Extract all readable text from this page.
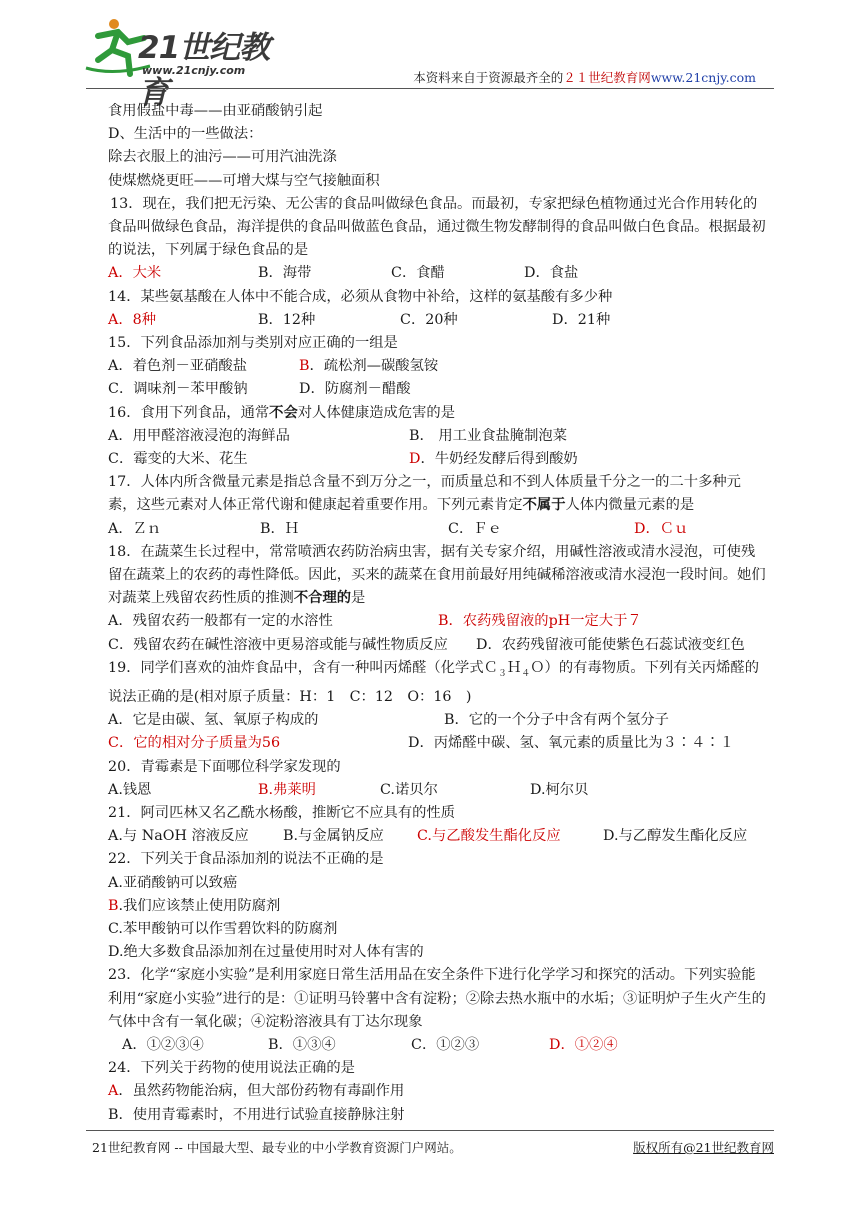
21世纪教育
www.21cnjy.com	本资料来自于资源最齐全的２１世纪教育网www.21cnjy.com

食用假盐中毒——由亚硝酸钠引起

D、生活中的一些做法：

除去衣服上的油污——可用汽油洗涤

使煤燃烧更旺——可增大煤与空气接触面积

13．现在，我们把无污染、无公害的食品叫做绿色食品。而最初，专家把绿色植物通过光合作用转化的食品叫做绿色食品，海洋提供的食品叫做蓝色食品，通过微生物发酵制得的食品叫做白色食品。根据最初的说法，下列属于绿色食品的是

A．大米	B．海带	C．食醋	D．食盐

14．某些氨基酸在人体中不能合成，必须从食物中补给，这样的氨基酸有多少种

A．8种	B．12种	C．20种	D．21种

15．下列食品添加剂与类别对应正确的一组是

A．着色剂－亚硝酸盐	B．疏松剂—碳酸氢铵
C．调味剂－苯甲酸钠	D．防腐剂－醋酸

16．食用下列食品，通常不会对人体健康造成危害的是

A．用甲醛溶液浸泡的海鲜品	B． 用工业食盐腌制泡菜
C．霉变的大米、花生	D．牛奶经发酵后得到酸奶

17．人体内所含微量元素是指总含量不到万分之一，而质量总和不到人体质量千分之一的二十多种元素，这些元素对人体正常代谢和健康起着重要作用。下列元素肯定不属于人体内微量元素的是

A．Ｚｎ	B．Ｈ	C．Ｆｅ	D．Ｃｕ

18．在蔬菜生长过程中，常常喷洒农药防治病虫害，据有关专家介绍，用碱性溶液或清水浸泡，可使残留在蔬菜上的农药的毒性降低。因此，买来的蔬菜在食用前最好用纯碱稀溶液或清水浸泡一段时间。她们对蔬菜上残留农药性质的推测不合理的是

A．残留农药一般都有一定的水溶性	B．农药残留液的pH一定大于７
C．残留农药在碱性溶液中更易溶或能与碱性物质反应	D．农药残留液可能使紫色石蕊试液变红色

19．同学们喜欢的油炸食品中，含有一种叫丙烯醛（化学式Ｃ$_3$Ｈ$_4$Ｏ）的有毒物质。下列有关丙烯醛的说法正确的是(相对原子质量：H：1　C：12　O：16　)

A．它是由碳、氢、氧原子构成的	B．它的一个分子中含有两个氢分子
C．它的相对分子质量为56	D．丙烯醛中碳、氢、氧元素的质量比为３∶４∶１

20．青霉素是下面哪位科学家发现的

A.钱恩	B.弗莱明	C.诺贝尔	D.柯尔贝

21．阿司匹林又名乙酰水杨酸，推断它不应具有的性质

A.与 NaOH 溶液反应	B.与金属钠反应	C.与乙酸发生酯化反应	D.与乙醇发生酯化反应

22．下列关于食品添加剂的说法不正确的是

A.亚硝酸钠可以致癌

B.我们应该禁止使用防腐剂

C.苯甲酸钠可以作雪碧饮料的防腐剂

D.绝大多数食品添加剂在过量使用时对人体有害的

23．化学“家庭小实验”是利用家庭日常生活用品在安全条件下进行化学学习和探究的活动。下列实验能利用“家庭小实验”进行的是：①证明马铃薯中含有淀粉；②除去热水瓶中的水垢；③证明炉子生火产生的气体中含有一氧化碳；④淀粉溶液具有丁达尔现象

A．①②③④	B．①③④	C．①②③	D．①②④

24．下列关于药物的使用说法正确的是

A．虽然药物能治病，但大部份药物有毒副作用

B．使用青霉素时，不用进行试验直接静脉注射

21世纪教育网 -- 中国最大型、最专业的中小学教育资源门户网站。	版权所有@21世纪教育网
